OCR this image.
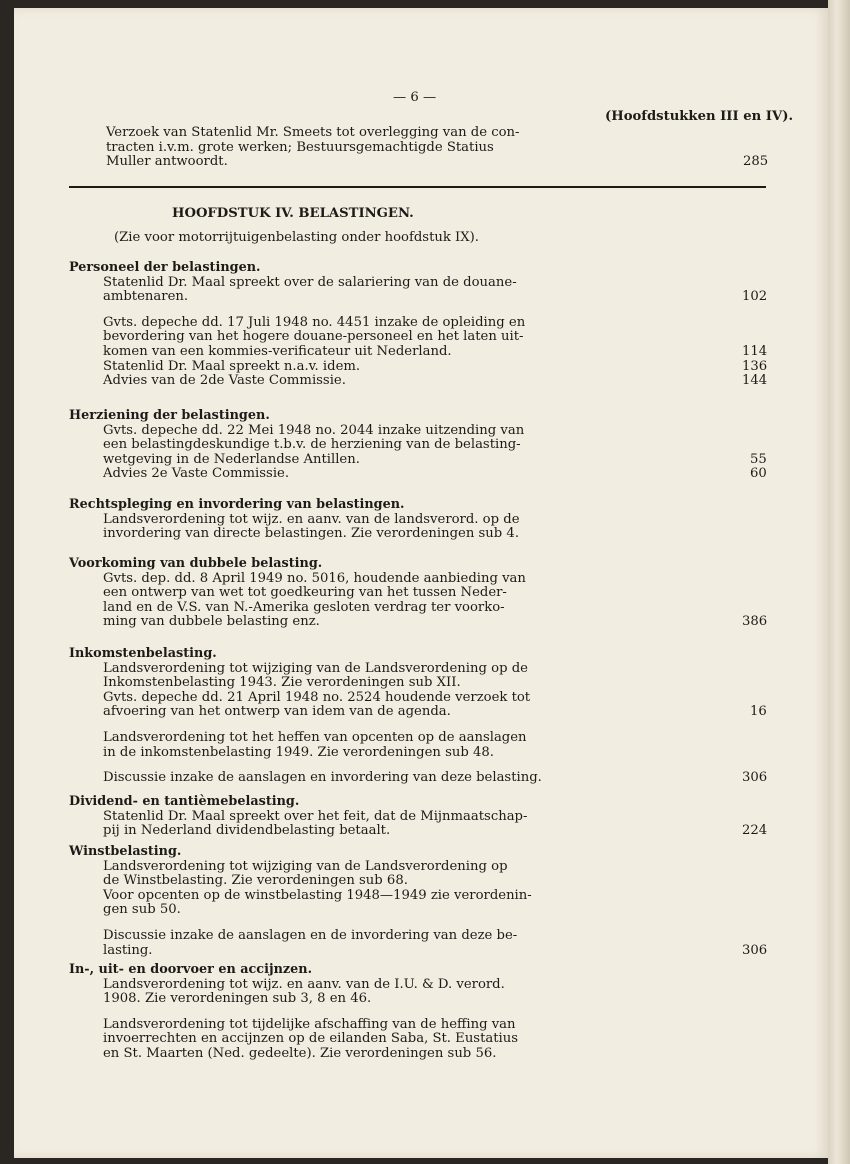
— 6 —
(Hoofdstukken III en IV).
Verzoek van Statenlid Mr. Smeets tot overlegging van de con-
tracten i.v.m. grote werken; Bestuursgemachtigde Statius
Muller antwoordt.	285
HOOFDSTUK IV. BELASTINGEN.
(Zie voor motorrijtuigenbelasting onder hoofdstuk IX).
Personeel der belastingen.
Statenlid Dr. Maal spreekt over de salariering van de douane-
ambtenaren.	102
Gvts. depeche dd. 17 Juli 1948 no. 4451 inzake de opleiding en
bevordering van het hogere douane-personeel en het laten uit-
komen van een kommies-verificateur uit Nederland.	114
Statenlid Dr. Maal spreekt n.a.v. idem.	136
Advies van de 2de Vaste Commissie.	144
Herziening der belastingen.
Gvts. depeche dd. 22 Mei 1948 no. 2044 inzake uitzending van
een belastingdeskundige t.b.v. de herziening van de belasting-
wetgeving in de Nederlandse Antillen.	55
Advies 2e Vaste Commissie.	60
Rechtspleging en invordering van belastingen.
Landsverordening tot wijz. en aanv. van de landsverord. op de
invordering van directe belastingen. Zie verordeningen sub 4.
Voorkoming van dubbele belasting.
Gvts. dep. dd. 8 April 1949 no. 5016, houdende aanbieding van
een ontwerp van wet tot goedkeuring van het tussen Neder-
land en de V.S. van N.-Amerika gesloten verdrag ter voorko-
ming van dubbele belasting enz.	386
Inkomstenbelasting.
Landsverordening tot wijziging van de Landsverordening op de
Inkomstenbelasting 1943. Zie verordeningen sub XII.
Gvts. depeche dd. 21 April 1948 no. 2524 houdende verzoek tot
afvoering van het ontwerp van idem van de agenda.	16
Landsverordening tot het heffen van opcenten op de aanslagen
in de inkomstenbelasting 1949. Zie verordeningen sub 48.
Discussie inzake de aanslagen en invordering van deze belasting.	306
Dividend- en tantièmebelasting.
Statenlid Dr. Maal spreekt over het feit, dat de Mijnmaatschap-
pij in Nederland dividendbelasting betaalt.	224
Winstbelasting.
Landsverordening tot wijziging van de Landsverordening op
de Winstbelasting. Zie verordeningen sub 68.
Voor opcenten op de winstbelasting 1948—1949 zie verordenin-
gen sub 50.
Discussie inzake de aanslagen en de invordering van deze be-
lasting.	306
In-, uit- en doorvoer en accijnzen.
Landsverordening tot wijz. en aanv. van de I.U. & D. verord.
1908. Zie verordeningen sub 3, 8 en 46.
Landsverordening tot tijdelijke afschaffing van de heffing van
invoerrechten en accijnzen op de eilanden Saba, St. Eustatius
en St. Maarten (Ned. gedeelte). Zie verordeningen sub 56.
